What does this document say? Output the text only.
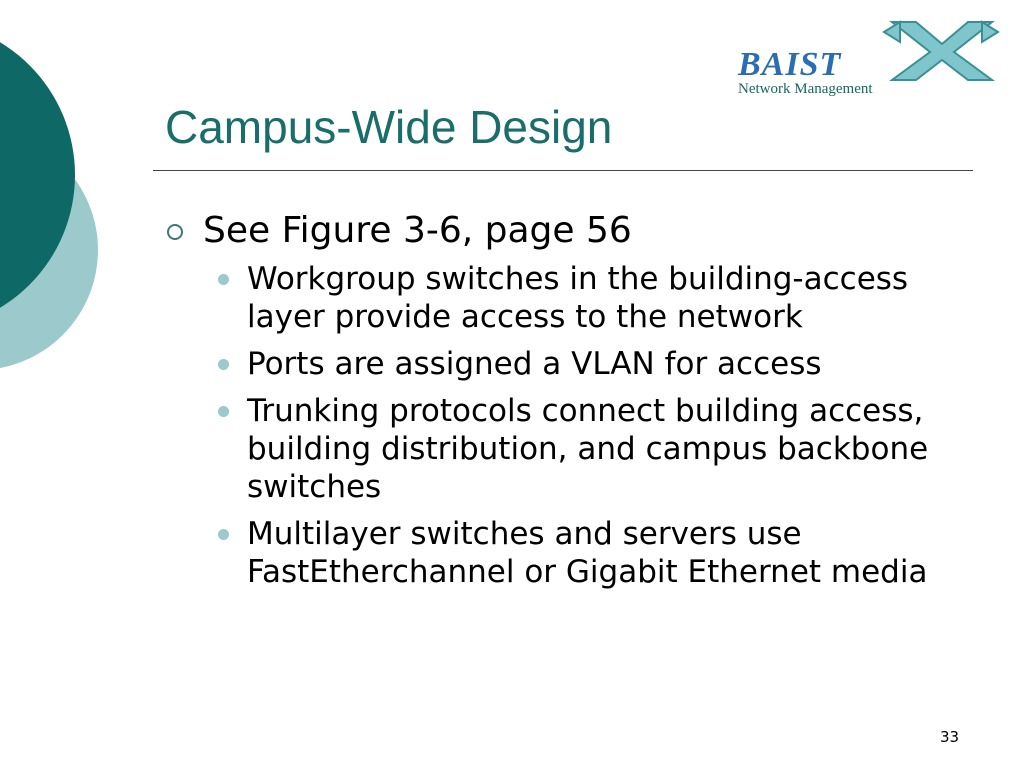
BAIST
Network Management
Campus-Wide Design
See Figure 3-6, page 56
Workgroup switches in the building-access layer provide access to the network
Ports are assigned a VLAN for access
Trunking protocols connect building access, building distribution, and campus backbone switches
Multilayer switches and servers use FastEtherchannel or Gigabit Ethernet media
33
